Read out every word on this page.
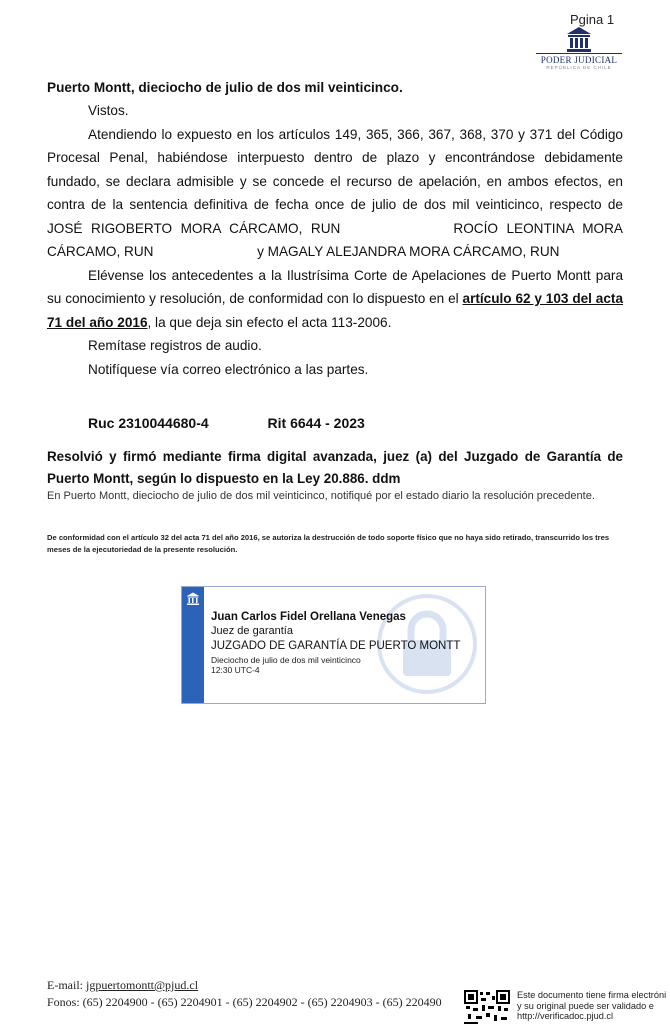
Pgina 1
PODER JUDICIAL
REPÚBLICA DE CHILE
Puerto Montt, dieciocho de julio de dos mil veinticinco.
Vistos.
Atendiendo lo expuesto en los artículos 149, 365, 366, 367, 368, 370 y 371 del Código Procesal Penal, habiéndose interpuesto dentro de plazo y encontrándose debidamente fundado, se declara admisible y se concede el recurso de apelación, en ambos efectos, en contra de la sentencia definitiva de fecha once de julio de dos mil veinticinco, respecto de JOSÉ RIGOBERTO MORA CÁRCAMO, RUN	ROCÍO LEONTINA MORA CÁRCAMO, RUN	y MAGALY ALEJANDRA MORA CÁRCAMO, RUN
Elévense los antecedentes a la Ilustrísima Corte de Apelaciones de Puerto Montt para su conocimiento y resolución, de conformidad con lo dispuesto en el artículo 62 y 103 del acta 71 del año 2016, la que deja sin efecto el acta 113-2006.
Remítase registros de audio.
Notifíquese vía correo electrónico a las partes.
Ruc 2310044680-4	Rit 6644 - 2023
Resolvió y firmó mediante firma digital avanzada, juez (a) del Juzgado de Garantía de Puerto Montt, según lo dispuesto en la Ley 20.886. ddm
En Puerto Montt, dieciocho de julio de dos mil veinticinco, notifiqué por el estado diario la resolución precedente.
De conformidad con el artículo 32 del acta 71 del año 2016, se autoriza la destrucción de todo soporte físico que no haya sido retirado, transcurrido los tres meses de la ejecutoriedad de la presente resolución.
Juan Carlos Fidel Orellana Venegas
Juez de garantía
JUZGADO DE GARANTÍA DE PUERTO MONTT
Dieciocho de julio de dos mil veinticinco
12:30 UTC-4
E-mail: jgpuertomontt@pjud.cl
Fonos: (65) 2204900 - (65) 2204901 - (65) 2204902 - (65) 2204903 - (65) 220490	Este documento tiene firma electróni
y su original puede ser validado e
http://verificadoc.pjud.cl
